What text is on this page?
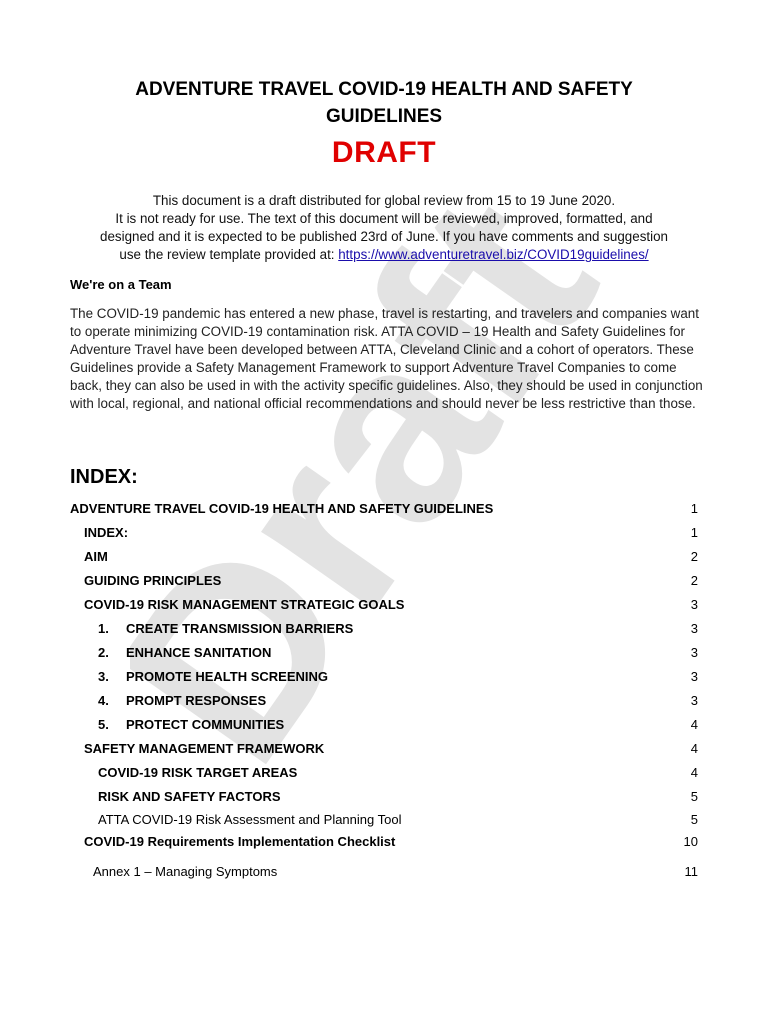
Draft
ADVENTURE TRAVEL COVID-19 HEALTH AND SAFETY
GUIDELINES
DRAFT
This document is a draft distributed for global review from 15 to 19 June 2020.
It is not ready for use. The text of this document will be reviewed, improved, formatted, and
designed and it is expected to be published 23rd of June. If you have comments and suggestion
use the review template provided at: https://www.adventuretravel.biz/COVID19guidelines/
We're on a Team
The COVID-19 pandemic has entered a new phase, travel is restarting, and travelers and companies want to operate minimizing COVID-19 contamination risk. ATTA COVID – 19 Health and Safety Guidelines for Adventure Travel have been developed between ATTA, Cleveland Clinic and a cohort of operators. These Guidelines provide a Safety Management Framework to support Adventure Travel Companies to come back, they can also be used in with the activity specific guidelines. Also, they should be used in conjunction with local, regional, and national official recommendations and should never be less restrictive than those.
INDEX:
ADVENTURE TRAVEL COVID-19 HEALTH AND SAFETY GUIDELINES	1
INDEX:	1
AIM	2
GUIDING PRINCIPLES	2
COVID-19 RISK MANAGEMENT STRATEGIC GOALS	3
1. CREATE TRANSMISSION BARRIERS	3
2. ENHANCE SANITATION	3
3. PROMOTE HEALTH SCREENING	3
4. PROMPT RESPONSES	3
5. PROTECT COMMUNITIES	4
SAFETY MANAGEMENT FRAMEWORK	4
COVID-19 RISK TARGET AREAS	4
RISK AND SAFETY FACTORS	5
ATTA COVID-19 Risk Assessment and Planning Tool	5
COVID-19 Requirements Implementation Checklist	10
Annex 1 – Managing Symptoms	11
